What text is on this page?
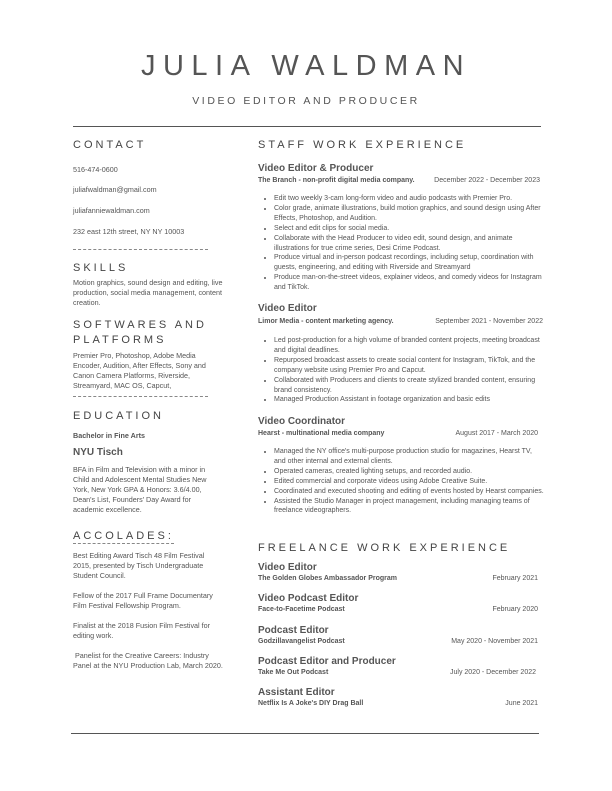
JULIA WALDMAN
VIDEO EDITOR AND PRODUCER
CONTACT
516-474-0600
juliafwaldman@gmail.com
juliafanniewaldman.com
232 east 12th street, NY NY 10003
SKILLS
Motion graphics, sound design and editing, live production, social media management, content creation.
SOFTWARES AND
PLATFORMS
Premier Pro, Photoshop, Adobe Media Encoder, Audition, After Effects, Sony and Canon Camera Platforms, Riverside, Streamyard, MAC OS, Capcut,
EDUCATION
Bachelor in Fine Arts
NYU Tisch
BFA in Film and Television with a minor in Child and Adolescent Mental Studies New York, New York GPA & Honors: 3.6/4.00, Dean's List, Founders' Day Award for academic excellence.
ACCOLADES:

Best Editing Award Tisch 48 Film Festival 2015, presented by Tisch Undergraduate Student Council.

Fellow of the 2017 Full Frame Documentary Film Festival Fellowship Program.

Finalist at the 2018 Fusion Film Festival for editing work.

Panelist for the Creative Careers: Industry Panel at the NYU Production Lab, March 2020.

STAFF WORK EXPERIENCE
Video Editor & Producer
The Branch - non-profit digital media company.	December 2022 - December 2023
• Edit two weekly 3-cam long-form video and audio podcasts with Premier Pro.
• Color grade, animate illustrations, build motion graphics, and sound design using After Effects, Photoshop, and Audition.
• Select and edit clips for social media.
• Collaborate with the Head Producer to video edit, sound design, and animate illustrations for true crime series, Desi Crime Podcast.
• Produce virtual and in-person podcast recordings, including setup, coordination with guests, engineering, and editing with Riverside and Streamyard
• Produce man-on-the-street videos, explainer videos, and comedy videos for Instagram and TikTok.
Video Editor
Limor Media - content marketing agency.	September 2021 - November 2022
• Led post-production for a high volume of branded content projects, meeting broadcast and digital deadlines.
• Repurposed broadcast assets to create social content for Instagram, TikTok, and the company website using Premier Pro and Capcut.
• Collaborated with Producers and clients to create stylized branded content, ensuring brand consistency.
• Managed Production Assistant in footage organization and basic edits
Video Coordinator
Hearst - multinational media company	August 2017 - March 2020
• Managed the NY office's multi-purpose production studio for magazines, Hearst TV, and other internal and external clients.
• Operated cameras, created lighting setups, and recorded audio.
• Edited commercial and corporate videos using Adobe Creative Suite.
• Coordinated and executed shooting and editing of events hosted by Hearst companies.
• Assisted the Studio Manager in project management, including managing teams of freelance videographers.
FREELANCE WORK EXPERIENCE
Video Editor
The Golden Globes Ambassador Program	February 2021
Video Podcast Editor
Face-to-Facetime Podcast	February 2020
Podcast Editor
Godzillavangelist Podcast	May 2020 - November 2021
Podcast Editor and Producer
Take Me Out Podcast	July 2020 - December 2022
Assistant Editor
Netflix Is A Joke's DIY Drag Ball	June 2021
